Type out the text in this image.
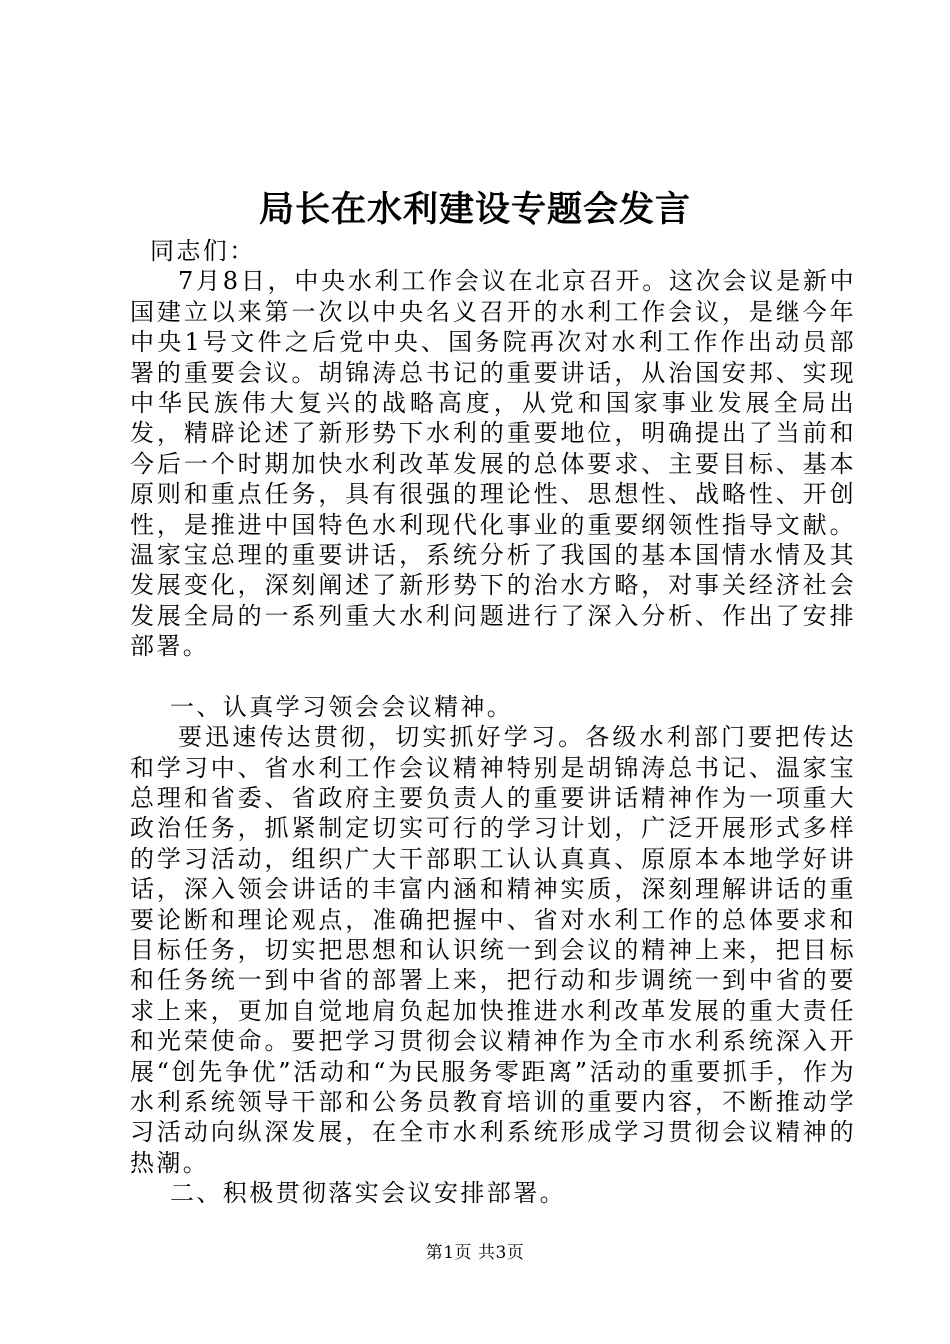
局长在水利建设专题会发言

同志们：

7月8日，中央水利工作会议在北京召开。这次会议是新中国建立以来第一次以中央名义召开的水利工作会议，是继今年中央1号文件之后党中央、国务院再次对水利工作作出动员部署的重要会议。胡锦涛总书记的重要讲话，从治国安邦、实现中华民族伟大复兴的战略高度，从党和国家事业发展全局出发，精辟论述了新形势下水利的重要地位，明确提出了当前和今后一个时期加快水利改革发展的总体要求、主要目标、基本原则和重点任务，具有很强的理论性、思想性、战略性、开创性，是推进中国特色水利现代化事业的重要纲领性指导文献。温家宝总理的重要讲话，系统分析了我国的基本国情水情及其发展变化，深刻阐述了新形势下的治水方略，对事关经济社会发展全局的一系列重大水利问题进行了深入分析、作出了安排部署。

一、认真学习领会会议精神。

要迅速传达贯彻，切实抓好学习。各级水利部门要把传达和学习中、省水利工作会议精神特别是胡锦涛总书记、温家宝总理和省委、省政府主要负责人的重要讲话精神作为一项重大政治任务，抓紧制定切实可行的学习计划，广泛开展形式多样的学习活动，组织广大干部职工认认真真、原原本本地学好讲话，深入领会讲话的丰富内涵和精神实质，深刻理解讲话的重要论断和理论观点，准确把握中、省对水利工作的总体要求和目标任务，切实把思想和认识统一到会议的精神上来，把目标和任务统一到中省的部署上来，把行动和步调统一到中省的要求上来，更加自觉地肩负起加快推进水利改革发展的重大责任和光荣使命。要把学习贯彻会议精神作为全市水利系统深入开展“创先争优”活动和“为民服务零距离”活动的重要抓手，作为水利系统领导干部和公务员教育培训的重要内容，不断推动学习活动向纵深发展，在全市水利系统形成学习贯彻会议精神的热潮。

二、积极贯彻落实会议安排部署。

第1页 共3页
